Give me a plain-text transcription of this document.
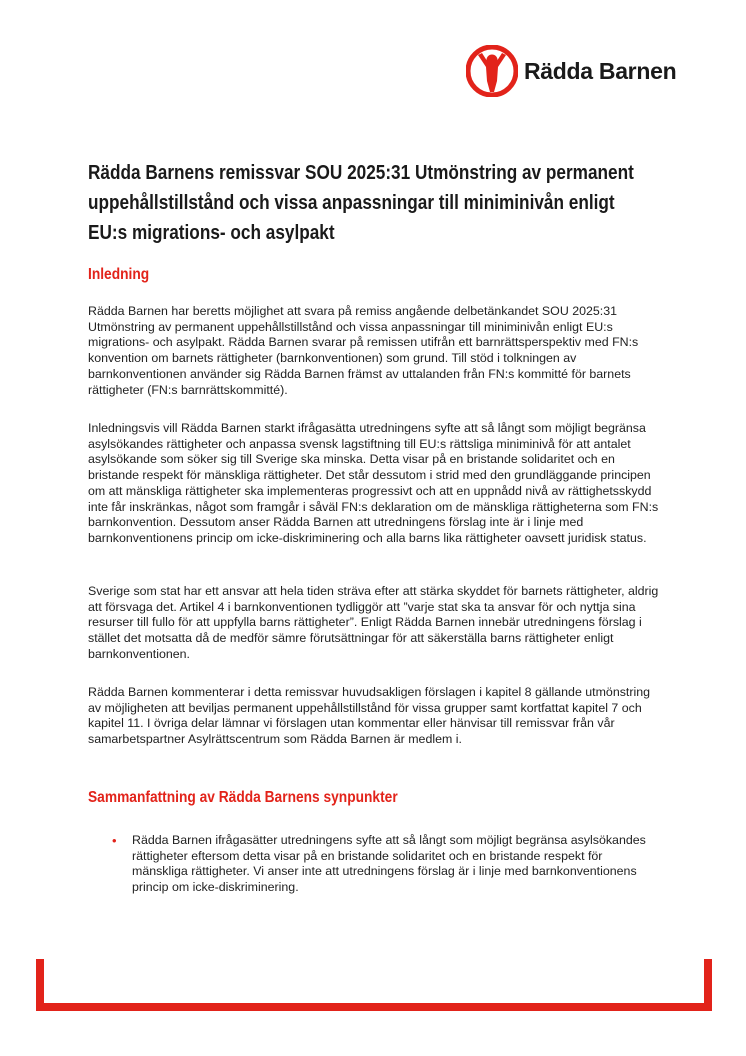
Rädda Barnen
Rädda Barnens remissvar SOU 2025:31 Utmönstring av permanent uppehållstillstånd och vissa anpassningar till miniminivån enligt EU:s migrations- och asylpakt
Inledning

Rädda Barnen har beretts möjlighet att svara på remiss angående delbetänkandet SOU 2025:31 Utmönstring av permanent uppehållstillstånd och vissa anpassningar till miniminivån enligt EU:s migrations- och asylpakt. Rädda Barnen svarar på remissen utifrån ett barnrättsperspektiv med FN:s konvention om barnets rättigheter (barnkonventionen) som grund. Till stöd i tolkningen av barnkonventionen använder sig Rädda Barnen främst av uttalanden från FN:s kommitté för barnets rättigheter (FN:s barnrättskommitté).

Inledningsvis vill Rädda Barnen starkt ifrågasätta utredningens syfte att så långt som möjligt begränsa asylsökandes rättigheter och anpassa svensk lagstiftning till EU:s rättsliga miniminivå för att antalet asylsökande som söker sig till Sverige ska minska. Detta visar på en bristande solidaritet och en bristande respekt för mänskliga rättigheter. Det står dessutom i strid med den grundläggande principen om att mänskliga rättigheter ska implementeras progressivt och att en uppnådd nivå av rättighetsskydd inte får inskränkas, något som framgår i såväl FN:s deklaration om de mänskliga rättigheterna som FN:s barnkonvention. Dessutom anser Rädda Barnen att utredningens förslag inte är i linje med barnkonventionens princip om icke-diskriminering och alla barns lika rättigheter oavsett juridisk status.

Sverige som stat har ett ansvar att hela tiden sträva efter att stärka skyddet för barnets rättigheter, aldrig att försvaga det. Artikel 4 i barnkonventionen tydliggör att ”varje stat ska ta ansvar för och nyttja sina resurser till fullo för att uppfylla barns rättigheter”. Enligt Rädda Barnen innebär utredningens förslag i stället det motsatta då de medför sämre förutsättningar för att säkerställa barns rättigheter enligt barnkonventionen.

Rädda Barnen kommenterar i detta remissvar huvudsakligen förslagen i kapitel 8 gällande utmönstring av möjligheten att beviljas permanent uppehållstillstånd för vissa grupper samt kortfattat kapitel 7 och kapitel 11. I övriga delar lämnar vi förslagen utan kommentar eller hänvisar till remissvar från vår samarbetspartner Asylrättscentrum som Rädda Barnen är medlem i.

Sammanfattning av Rädda Barnens synpunkter
• Rädda Barnen ifrågasätter utredningens syfte att så långt som möjligt begränsa asylsökandes rättigheter eftersom detta visar på en bristande solidaritet och en bristande respekt för mänskliga rättigheter. Vi anser inte att utredningens förslag är i linje med barnkonventionens princip om icke-diskriminering.
